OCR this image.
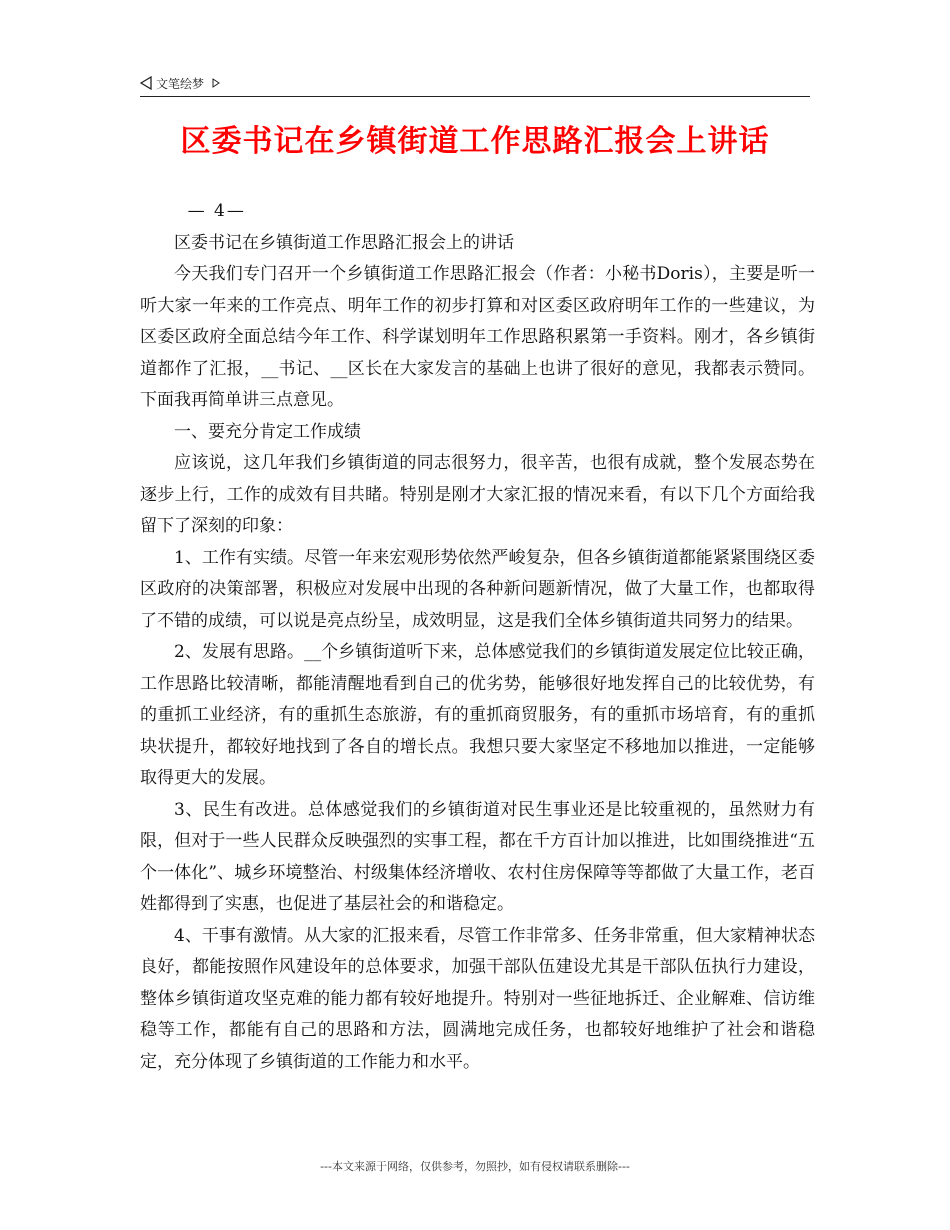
文笔绘梦
区委书记在乡镇街道工作思路汇报会上讲话

— 4—

区委书记在乡镇街道工作思路汇报会上的讲话

今天我们专门召开一个乡镇街道工作思路汇报会（作者：小秘书Doris），主要是听一听大家一年来的工作亮点、明年工作的初步打算和对区委区政府明年工作的一些建议，为区委区政府全面总结今年工作、科学谋划明年工作思路积累第一手资料。刚才，各乡镇街道都作了汇报，__书记、__区长在大家发言的基础上也讲了很好的意见，我都表示赞同。下面我再简单讲三点意见。

一、要充分肯定工作成绩

应该说，这几年我们乡镇街道的同志很努力，很辛苦，也很有成就，整个发展态势在逐步上行，工作的成效有目共睹。特别是刚才大家汇报的情况来看，有以下几个方面给我留下了深刻的印象：

1、工作有实绩。尽管一年来宏观形势依然严峻复杂，但各乡镇街道都能紧紧围绕区委区政府的决策部署，积极应对发展中出现的各种新问题新情况，做了大量工作，也都取得了不错的成绩，可以说是亮点纷呈，成效明显，这是我们全体乡镇街道共同努力的结果。

2、发展有思路。__个乡镇街道听下来，总体感觉我们的乡镇街道发展定位比较正确，工作思路比较清晰，都能清醒地看到自己的优劣势，能够很好地发挥自己的比较优势，有的重抓工业经济，有的重抓生态旅游，有的重抓商贸服务，有的重抓市场培育，有的重抓块状提升，都较好地找到了各自的增长点。我想只要大家坚定不移地加以推进，一定能够取得更大的发展。

3、民生有改进。总体感觉我们的乡镇街道对民生事业还是比较重视的，虽然财力有限，但对于一些人民群众反映强烈的实事工程，都在千方百计加以推进，比如围绕推进“五个一体化”、城乡环境整治、村级集体经济增收、农村住房保障等等都做了大量工作，老百姓都得到了实惠，也促进了基层社会的和谐稳定。

4、干事有激情。从大家的汇报来看，尽管工作非常多、任务非常重，但大家精神状态良好，都能按照作风建设年的总体要求，加强干部队伍建设尤其是干部队伍执行力建设，整体乡镇街道攻坚克难的能力都有较好地提升。特别对一些征地拆迁、企业解难、信访维稳等工作，都能有自己的思路和方法，圆满地完成任务，也都较好地维护了社会和谐稳定，充分体现了乡镇街道的工作能力和水平。

---本文来源于网络，仅供参考，勿照抄，如有侵权请联系删除---
